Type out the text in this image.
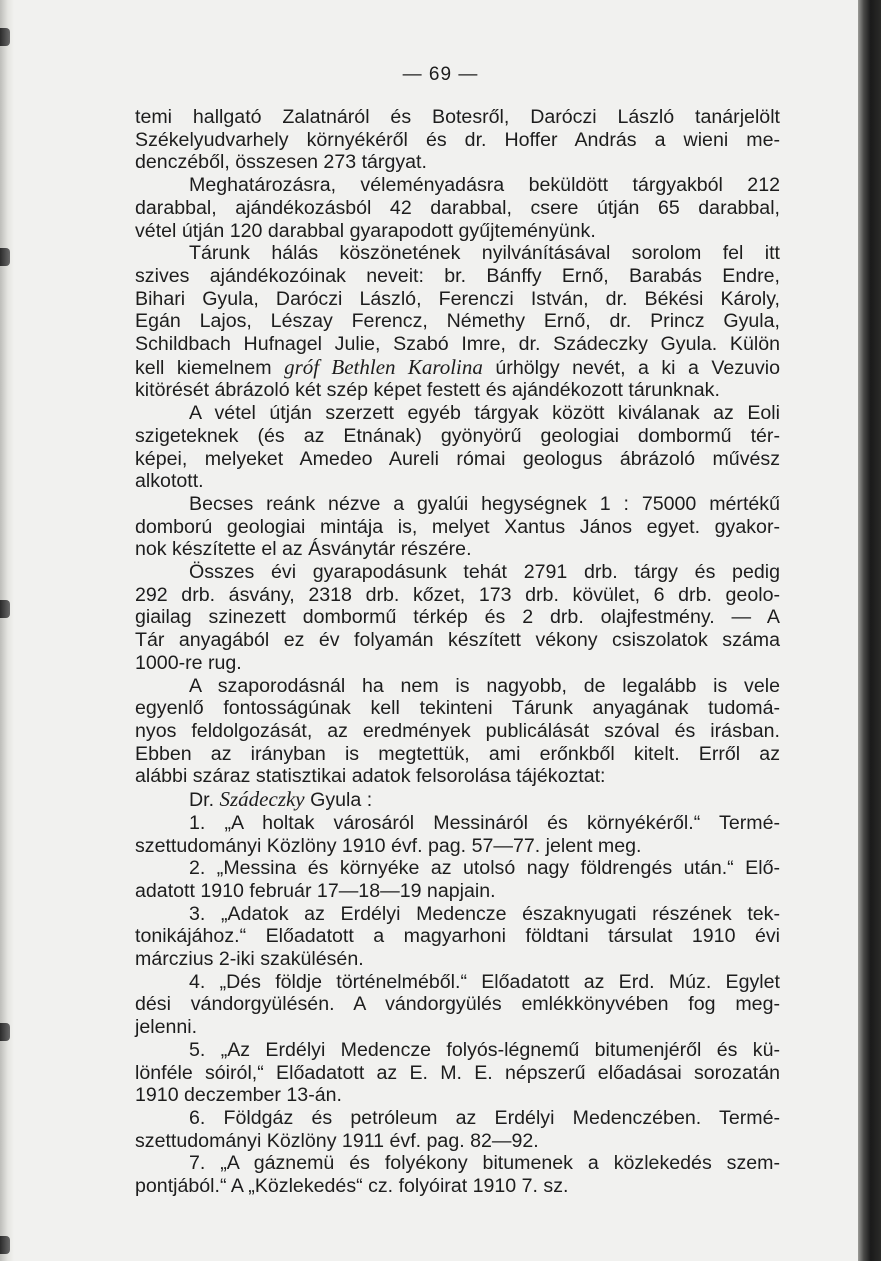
— 69 —

temi hallgató Zalatnáról és Botesről, Daróczi László tanárjelölt
Székelyudvarhely környékéről és dr. Hoffer András a wieni me-
denczéből, összesen 273 tárgyat.

Meghatározásra, véleményadásra beküldött tárgyakból 212
darabbal, ajándékozásból 42 darabbal, csere útján 65 darabbal,
vétel útján 120 darabbal gyarapodott gyűjteményünk.

Tárunk hálás köszönetének nyilvánításával sorolom fel itt
szives ajándékozóinak neveit: br. Bánffy Ernő, Barabás Endre,
Bihari Gyula, Daróczi László, Ferenczi István, dr. Békési Károly,
Egán Lajos, Lészay Ferencz, Némethy Ernő, dr. Princz Gyula,
Schildbach Hufnagel Julie, Szabó Imre, dr. Szádeczky Gyula. Külön
kell kiemelnem gróf Bethlen Karolina úrhölgy nevét, a ki a Vezuvio
kitörését ábrázoló két szép képet festett és ajándékozott tárunknak.

A vétel útján szerzett egyéb tárgyak között kiválanak az Eoli
szigeteknek (és az Etnának) gyönyörű geologiai dombormű tér-
képei, melyeket Amedeo Aureli római geologus ábrázoló művész
alkotott.

Becses reánk nézve a gyalúi hegységnek 1 : 75000 mértékű
domború geologiai mintája is, melyet Xantus János egyet. gyakor-
nok készítette el az Ásványtár részére.

Összes évi gyarapodásunk tehát 2791 drb. tárgy és pedig
292 drb. ásvány, 2318 drb. kőzet, 173 drb. kövület, 6 drb. geolo-
giailag szinezett dombormű térkép és 2 drb. olajfestmény. — A
Tár anyagából ez év folyamán készített vékony csiszolatok száma
1000-re rug.

A szaporodásnál ha nem is nagyobb, de legalább is vele
egyenlő fontosságúnak kell tekinteni Tárunk anyagának tudomá-
nyos feldolgozását, az eredmények publicálását szóval és irásban.
Ebben az irányban is megtettük, ami erőnkből kitelt. Erről az
alábbi száraz statisztikai adatok felsorolása tájékoztat:

Dr. Szádeczky Gyula :

1. „A holtak városáról Messináról és környékéről.“ Termé-
szettudományi Közlöny 1910 évf. pag. 57—77. jelent meg.

2. „Messina és környéke az utolsó nagy földrengés után.“ Elő-
adatott 1910 február 17—18—19 napjain.

3. „Adatok az Erdélyi Medencze északnyugati részének tek-
tonikájához.“ Előadatott a magyarhoni földtani társulat 1910 évi
márczius 2-iki szakülésén.

4. „Dés földje történelméből.“ Előadatott az Erd. Múz. Egylet
dési vándorgyülésén. A vándorgyülés emlékkönyvében fog meg-
jelenni.

5. „Az Erdélyi Medencze folyós-légnemű bitumenjéről és kü-
lönféle sóiról,“ Előadatott az E. M. E. népszerű előadásai sorozatán
1910 deczember 13-án.

6. Földgáz és petróleum az Erdélyi Medenczében. Termé-
szettudományi Közlöny 1911 évf. pag. 82—92.

7. „A gáznemü és folyékony bitumenek a közlekedés szem-
pontjából.“ A „Közlekedés“ cz. folyóirat 1910 7. sz.
